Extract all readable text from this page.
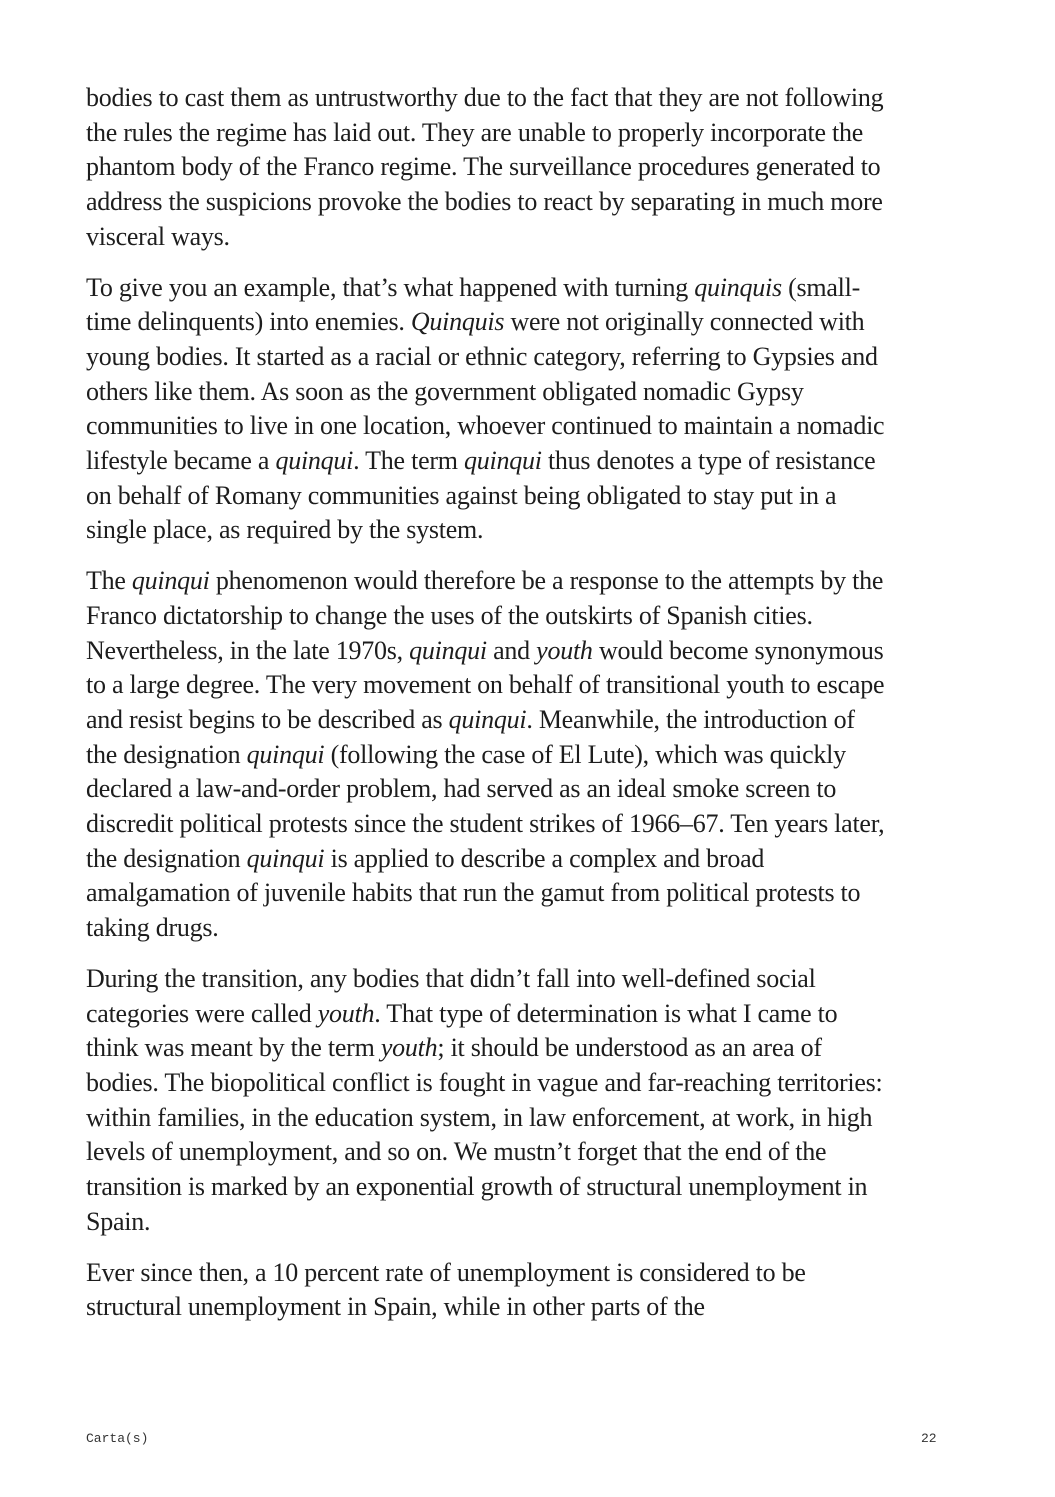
bodies to cast them as untrustworthy due to the fact that they are not following the rules the regime has laid out. They are unable to properly incorporate the phantom body of the Franco regime. The surveillance procedures generated to address the suspicions provoke the bodies to react by separating in much more visceral ways.

To give you an example, that’s what happened with turning quinquis (small-time delinquents) into enemies. Quinquis were not originally connected with young bodies. It started as a racial or ethnic category, referring to Gypsies and others like them. As soon as the government obligated nomadic Gypsy communities to live in one location, whoever continued to maintain a nomadic lifestyle became a quinqui. The term quinqui thus denotes a type of resistance on behalf of Romany communities against being obligated to stay put in a single place, as required by the system.

The quinqui phenomenon would therefore be a response to the attempts by the Franco dictatorship to change the uses of the outskirts of Spanish cities. Nevertheless, in the late 1970s, quinqui and youth would become synonymous to a large degree. The very movement on behalf of transitional youth to escape and resist begins to be described as quinqui. Meanwhile, the introduction of the designation quinqui (following the case of El Lute), which was quickly declared a law-and-order problem, had served as an ideal smoke screen to discredit political protests since the student strikes of 1966–67. Ten years later, the designation quinqui is applied to describe a complex and broad amalgamation of juvenile habits that run the gamut from political protests to taking drugs.

During the transition, any bodies that didn’t fall into well-defined social categories were called youth. That type of determination is what I came to think was meant by the term youth; it should be understood as an area of bodies. The biopolitical conflict is fought in vague and far-reaching territories: within families, in the education system, in law enforcement, at work, in high levels of unemployment, and so on. We mustn’t forget that the end of the transition is marked by an exponential growth of structural unemployment in Spain.

Ever since then, a 10 percent rate of unemployment is considered to be structural unemployment in Spain, while in other parts of the

Carta(s)	22
